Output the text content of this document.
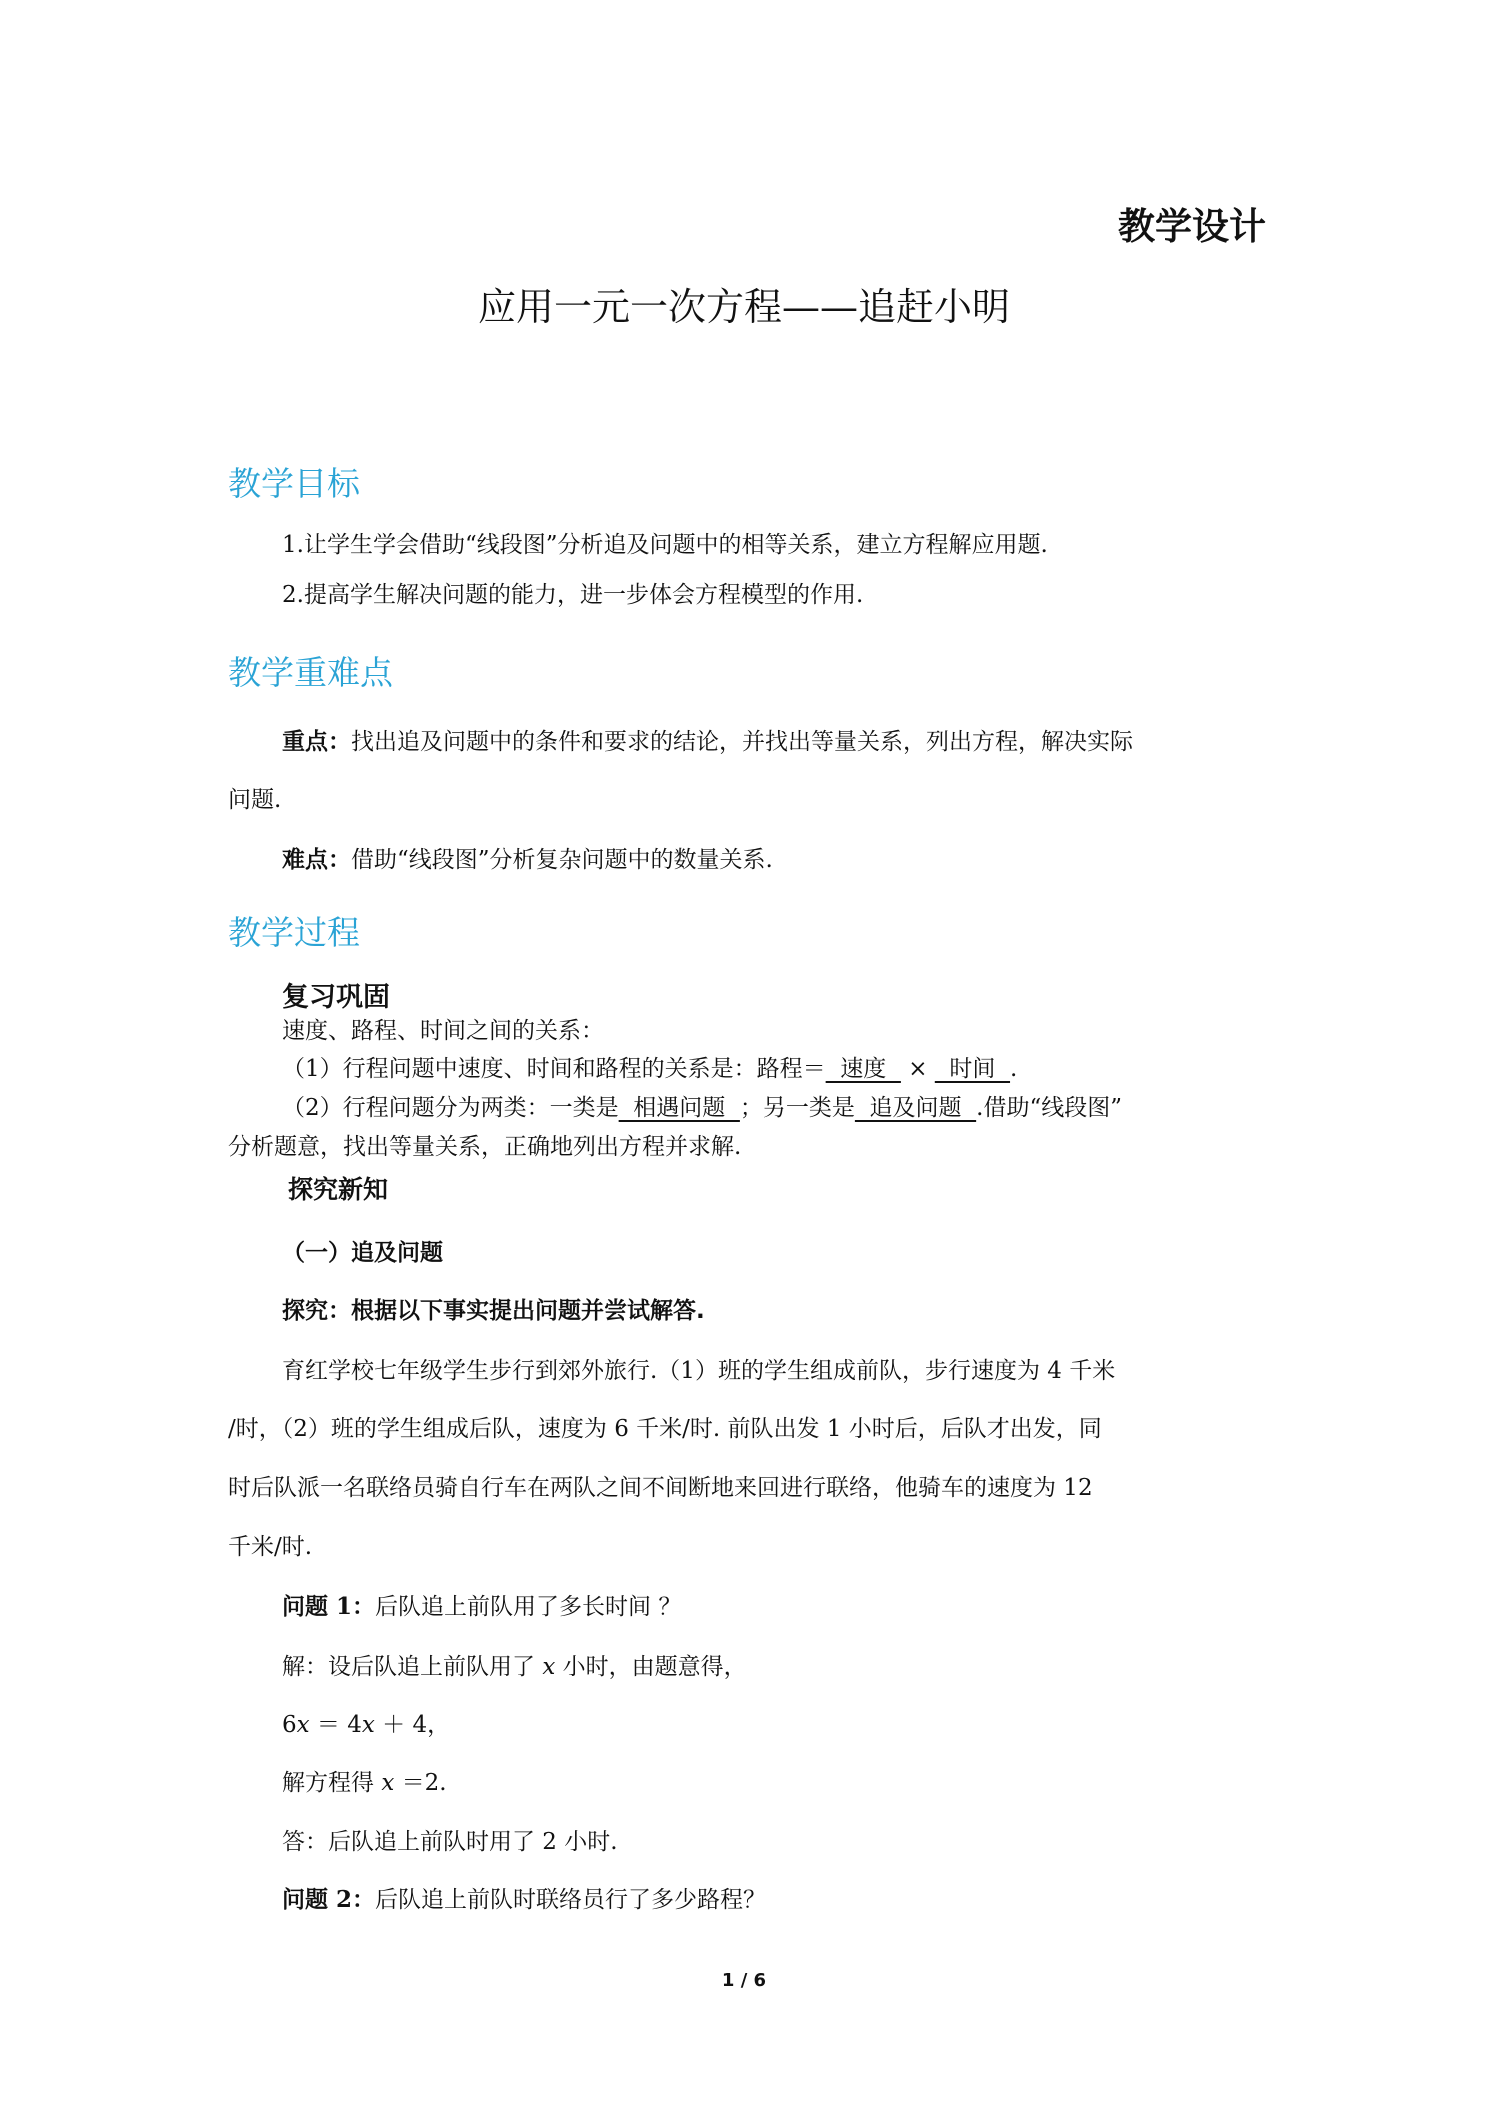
教学设计
应用一元一次方程——追赶小明
教学目标
1.让学生学会借助“线段图”分析追及问题中的相等关系，建立方程解应用题.
2.提高学生解决问题的能力，进一步体会方程模型的作用.
教学重难点
重点：找出追及问题中的条件和要求的结论，并找出等量关系，列出方程，解决实际
问题.
难点：借助“线段图”分析复杂问题中的数量关系.
教学过程
复习巩固
速度、路程、时间之间的关系：
（1）行程问题中速度、时间和路程的关系是：路程＝  速度   ×   时间  .
（2）行程问题分为两类：一类是  相遇问题  ；另一类是  追及问题  .借助“线段图”
分析题意，找出等量关系，正确地列出方程并求解.
探究新知
（一）追及问题
探究：根据以下事实提出问题并尝试解答.
育红学校七年级学生步行到郊外旅行.（1）班的学生组成前队，步行速度为 4 千米
/时，（2）班的学生组成后队，速度为 6 千米/时. 前队出发 1 小时后，后队才出发，同
时后队派一名联络员骑自行车在两队之间不间断地来回进行联络，他骑车的速度为 12
千米/时.
问题 1：后队追上前队用了多长时间 ？
解：设后队追上前队用了 x 小时，由题意得，
6x ＝ 4x ＋ 4，
解方程得 x ＝2.
答：后队追上前队时用了 2 小时.
问题 2：后队追上前队时联络员行了多少路程？
1 / 6
